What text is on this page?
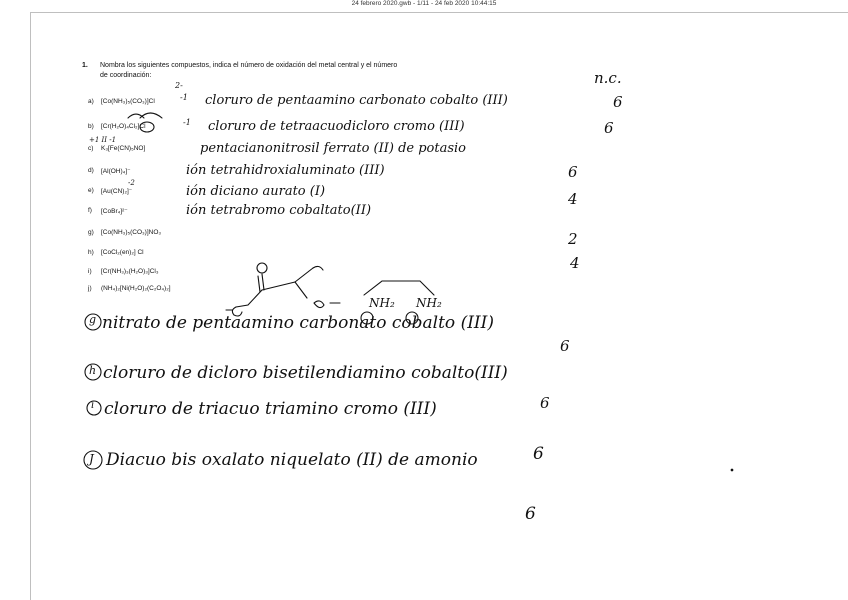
24 febrero 2020.gwb - 1/11 - 24 feb 2020 10:44:15
1. Nombra los siguientes compuestos, indica el número de oxidación del metal central y el número
de coordinación:
a) [Co(NH₃)₅(CO₃)]Cl
b) [Cr(H₂O)₄Cl₂]Cl
c) K₃[Fe(CN)₅NO]
d) [Al(OH)₄]⁻
e) [Au(CN)₂]⁻
f) [CoBr₄]²⁻
g) [Co(NH₃)₅(CO₃)]NO₃
h) [CoCl₂(en)₂] Cl
i) [Cr(NH₃)₃(H₂O)₃]Cl₃
j) (NH₄)₂[Ni(H₂O)₂(C₂O₄)₂]
2-
-1
-1
-2
+1 II -1
n.c.
cloruro de pentaamino carbonato cobalto (III)
cloruro de tetraacuodicloro cromo (III)
pentacianonitrosil ferrato (II) de potasio
ión tetrahidroxialuminato (III)
ión diciano aurato (I)
ión tetrabromo cobaltato(II)
6
6
6
4
2
4
NH₂ NH₂
nitrato de pentaamino carbonato cobalto (III)
6
cloruro de dicloro bisetilendiamino cobalto(III)
6
cloruro de triacuo triamino cromo (III)
6
Diacuo bis oxalato niquelato (II) de amonio
6
g
h
i
J
